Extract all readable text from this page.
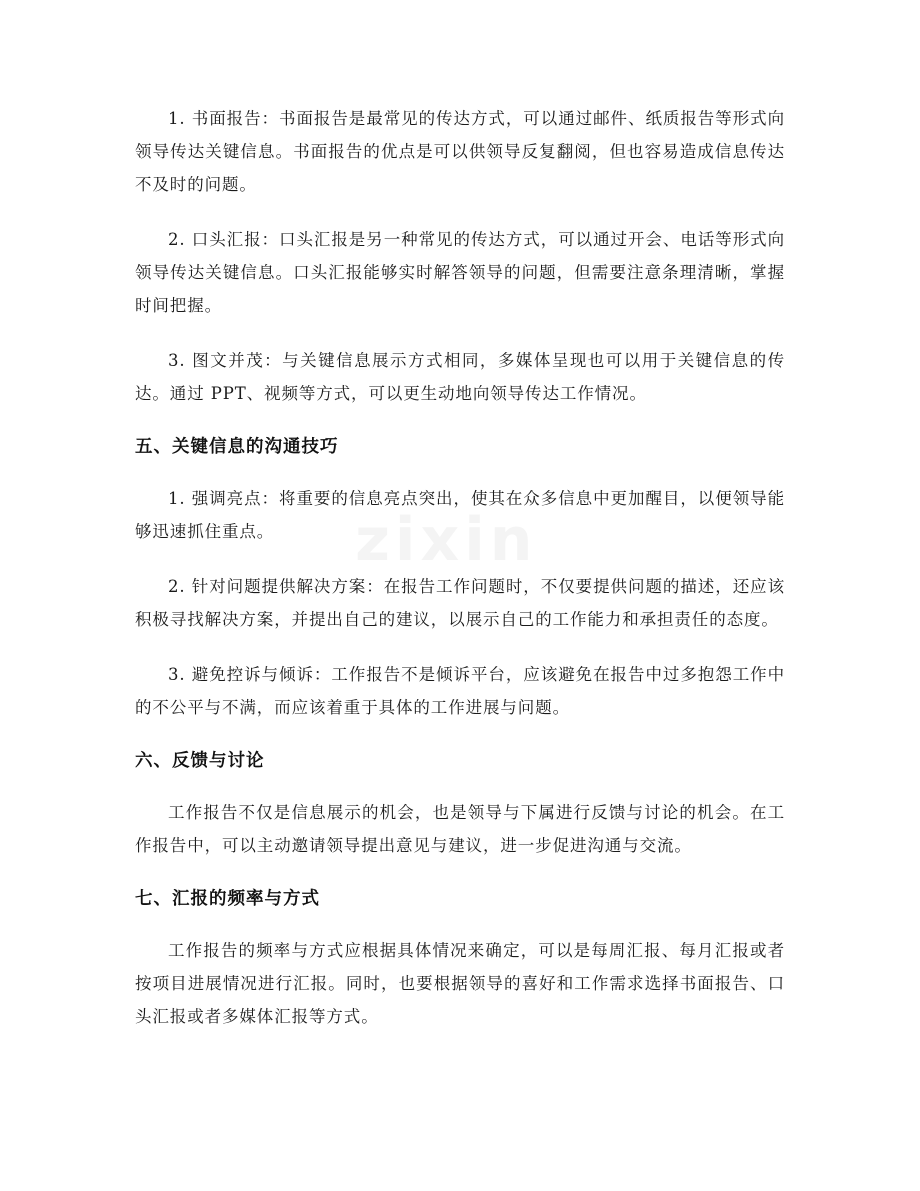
zixin

1. 书面报告：书面报告是最常见的传达方式，可以通过邮件、纸质报告等形式向领导传达关键信息。书面报告的优点是可以供领导反复翻阅，但也容易造成信息传达不及时的问题。

2. 口头汇报：口头汇报是另一种常见的传达方式，可以通过开会、电话等形式向领导传达关键信息。口头汇报能够实时解答领导的问题，但需要注意条理清晰，掌握时间把握。

3. 图文并茂：与关键信息展示方式相同，多媒体呈现也可以用于关键信息的传达。通过 PPT、视频等方式，可以更生动地向领导传达工作情况。

五、关键信息的沟通技巧

1. 强调亮点：将重要的信息亮点突出，使其在众多信息中更加醒目，以便领导能够迅速抓住重点。

2. 针对问题提供解决方案：在报告工作问题时，不仅要提供问题的描述，还应该积极寻找解决方案，并提出自己的建议，以展示自己的工作能力和承担责任的态度。

3. 避免控诉与倾诉：工作报告不是倾诉平台，应该避免在报告中过多抱怨工作中的不公平与不满，而应该着重于具体的工作进展与问题。

六、反馈与讨论

工作报告不仅是信息展示的机会，也是领导与下属进行反馈与讨论的机会。在工作报告中，可以主动邀请领导提出意见与建议，进一步促进沟通与交流。

七、汇报的频率与方式

工作报告的频率与方式应根据具体情况来确定，可以是每周汇报、每月汇报或者按项目进展情况进行汇报。同时，也要根据领导的喜好和工作需求选择书面报告、口头汇报或者多媒体汇报等方式。
